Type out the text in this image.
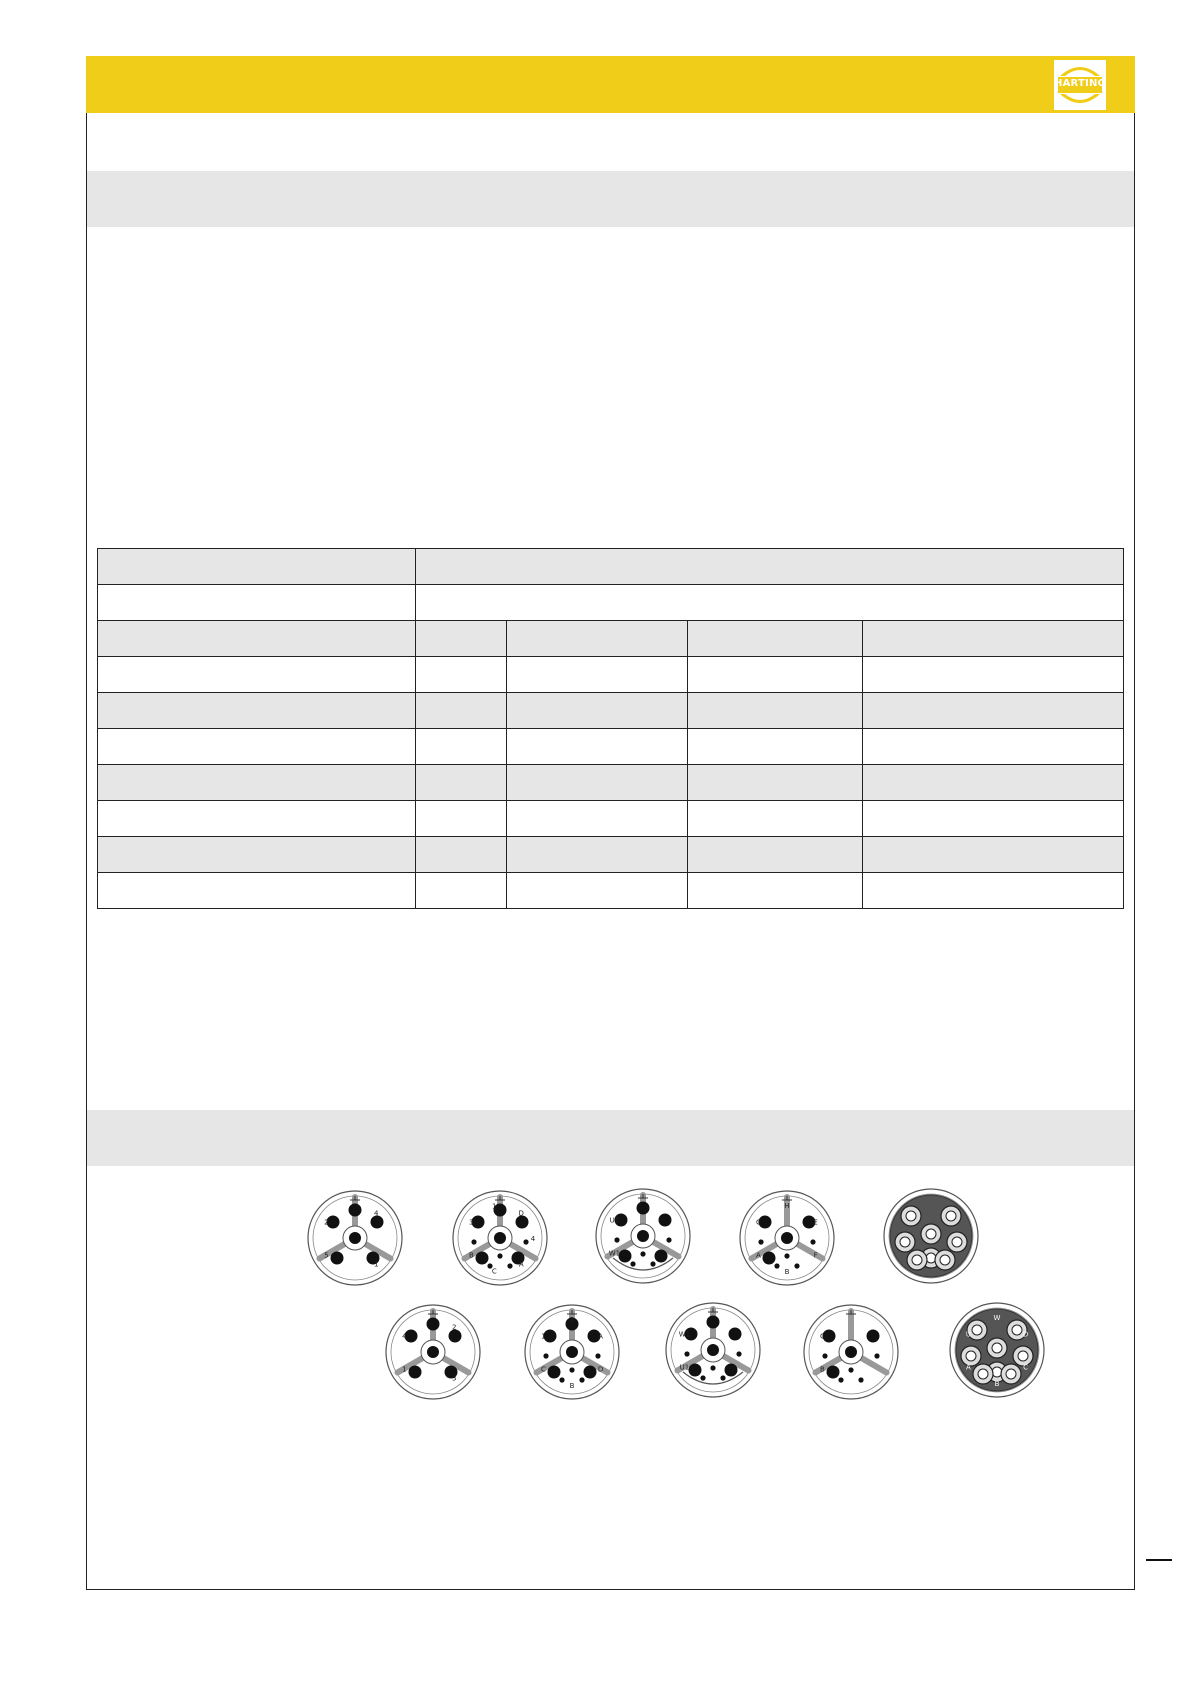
HARTING

2
4
1
5
3
1
D
4
A
C
B
U1
W1
C
H
E
F
B
A
4
2
3
1
1
3
A
D
B
C
W1
U1
C
B
U
W
D
C
B
A
